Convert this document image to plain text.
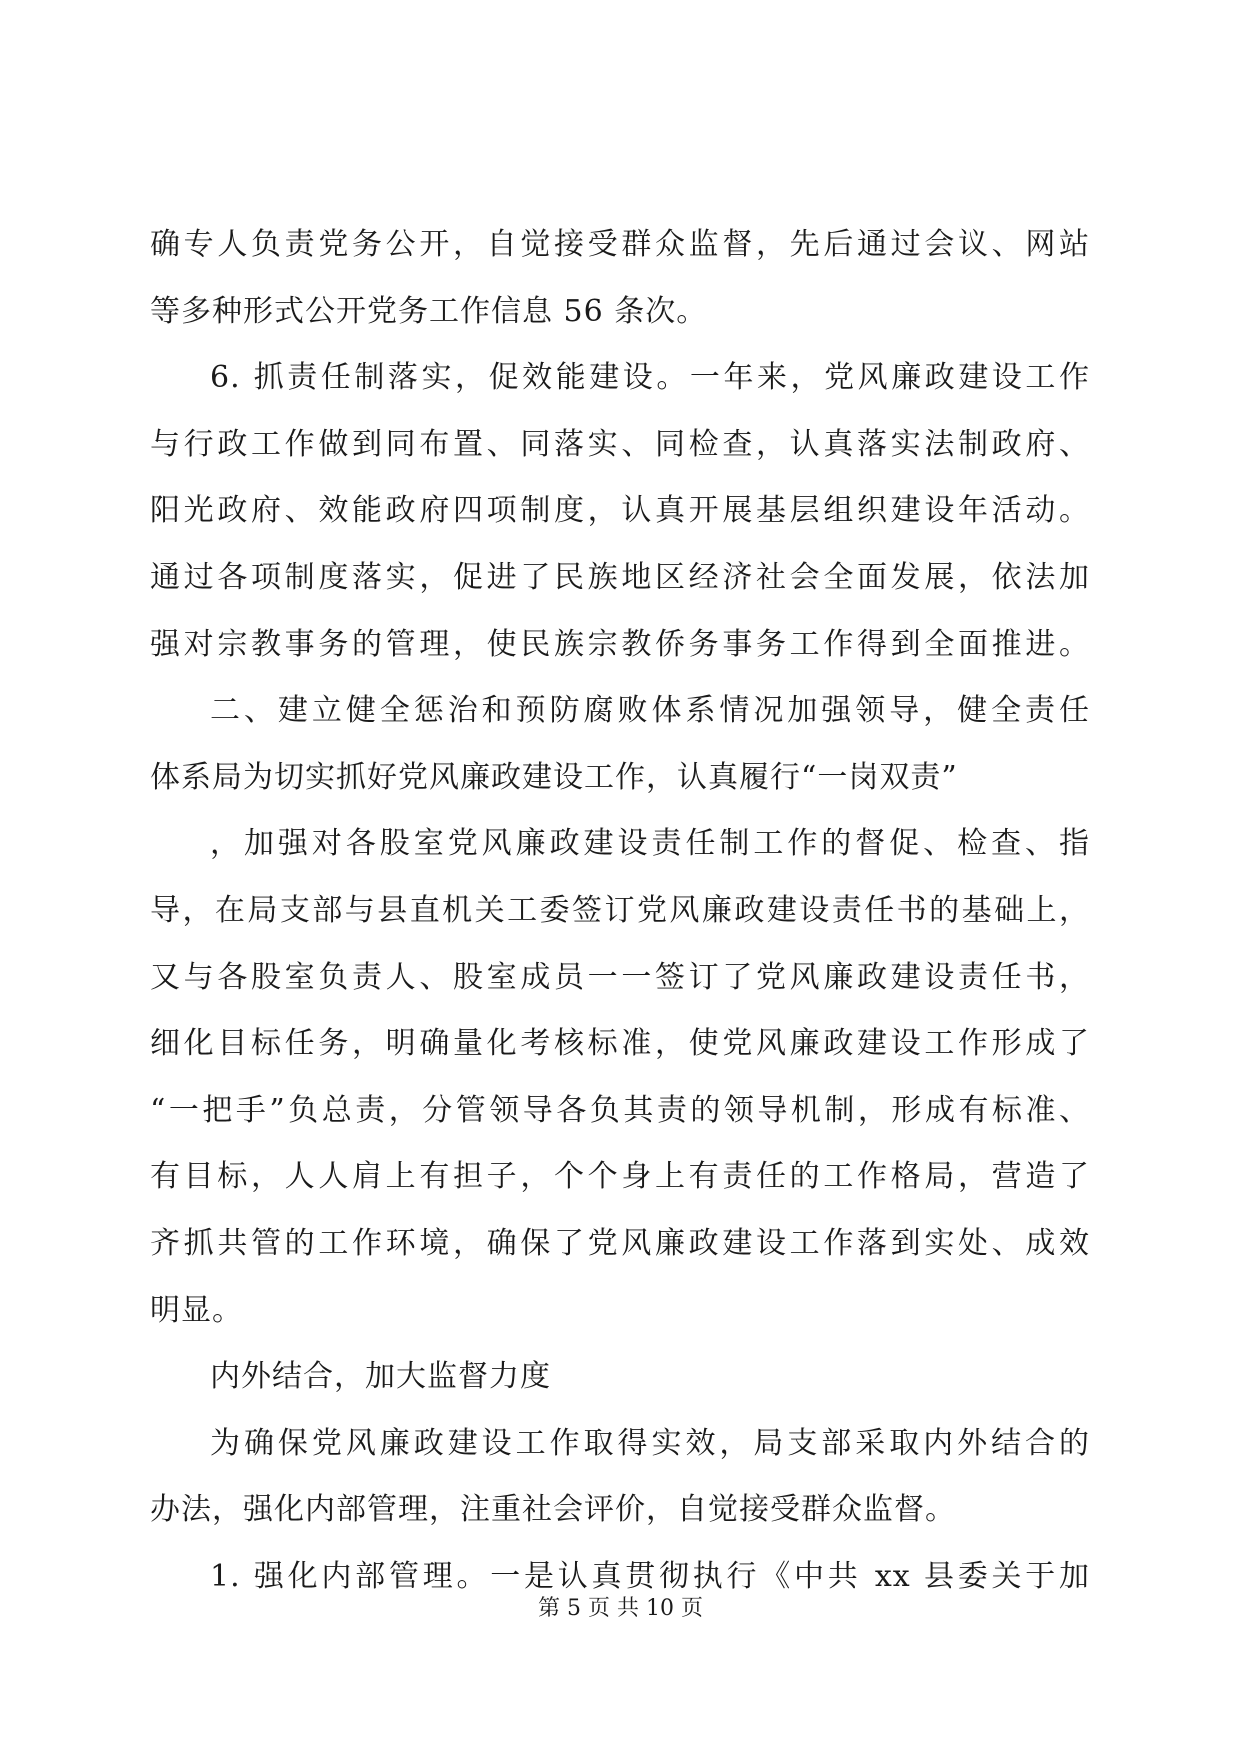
确专人负责党务公开，自觉接受群众监督，先后通过会议、网站
等多种形式公开党务工作信息 56 条次。
6. 抓责任制落实，促效能建设。一年来，党风廉政建设工作
与行政工作做到同布置、同落实、同检查，认真落实法制政府、
阳光政府、效能政府四项制度，认真开展基层组织建设年活动。
通过各项制度落实，促进了民族地区经济社会全面发展，依法加
强对宗教事务的管理，使民族宗教侨务事务工作得到全面推进。
二、建立健全惩治和预防腐败体系情况加强领导，健全责任
体系局为切实抓好党风廉政建设工作，认真履行“一岗双责”
，加强对各股室党风廉政建设责任制工作的督促、检查、指
导，在局支部与县直机关工委签订党风廉政建设责任书的基础上，
又与各股室负责人、股室成员一一签订了党风廉政建设责任书，
细化目标任务，明确量化考核标准，使党风廉政建设工作形成了
“一把手”负总责，分管领导各负其责的领导机制，形成有标准、
有目标，人人肩上有担子，个个身上有责任的工作格局，营造了
齐抓共管的工作环境，确保了党风廉政建设工作落到实处、成效
明显。
内外结合，加大监督力度
为确保党风廉政建设工作取得实效，局支部采取内外结合的
办法，强化内部管理，注重社会评价，自觉接受群众监督。
1. 强化内部管理。一是认真贯彻执行《中共 xx 县委关于加
第 5 页 共 10 页
